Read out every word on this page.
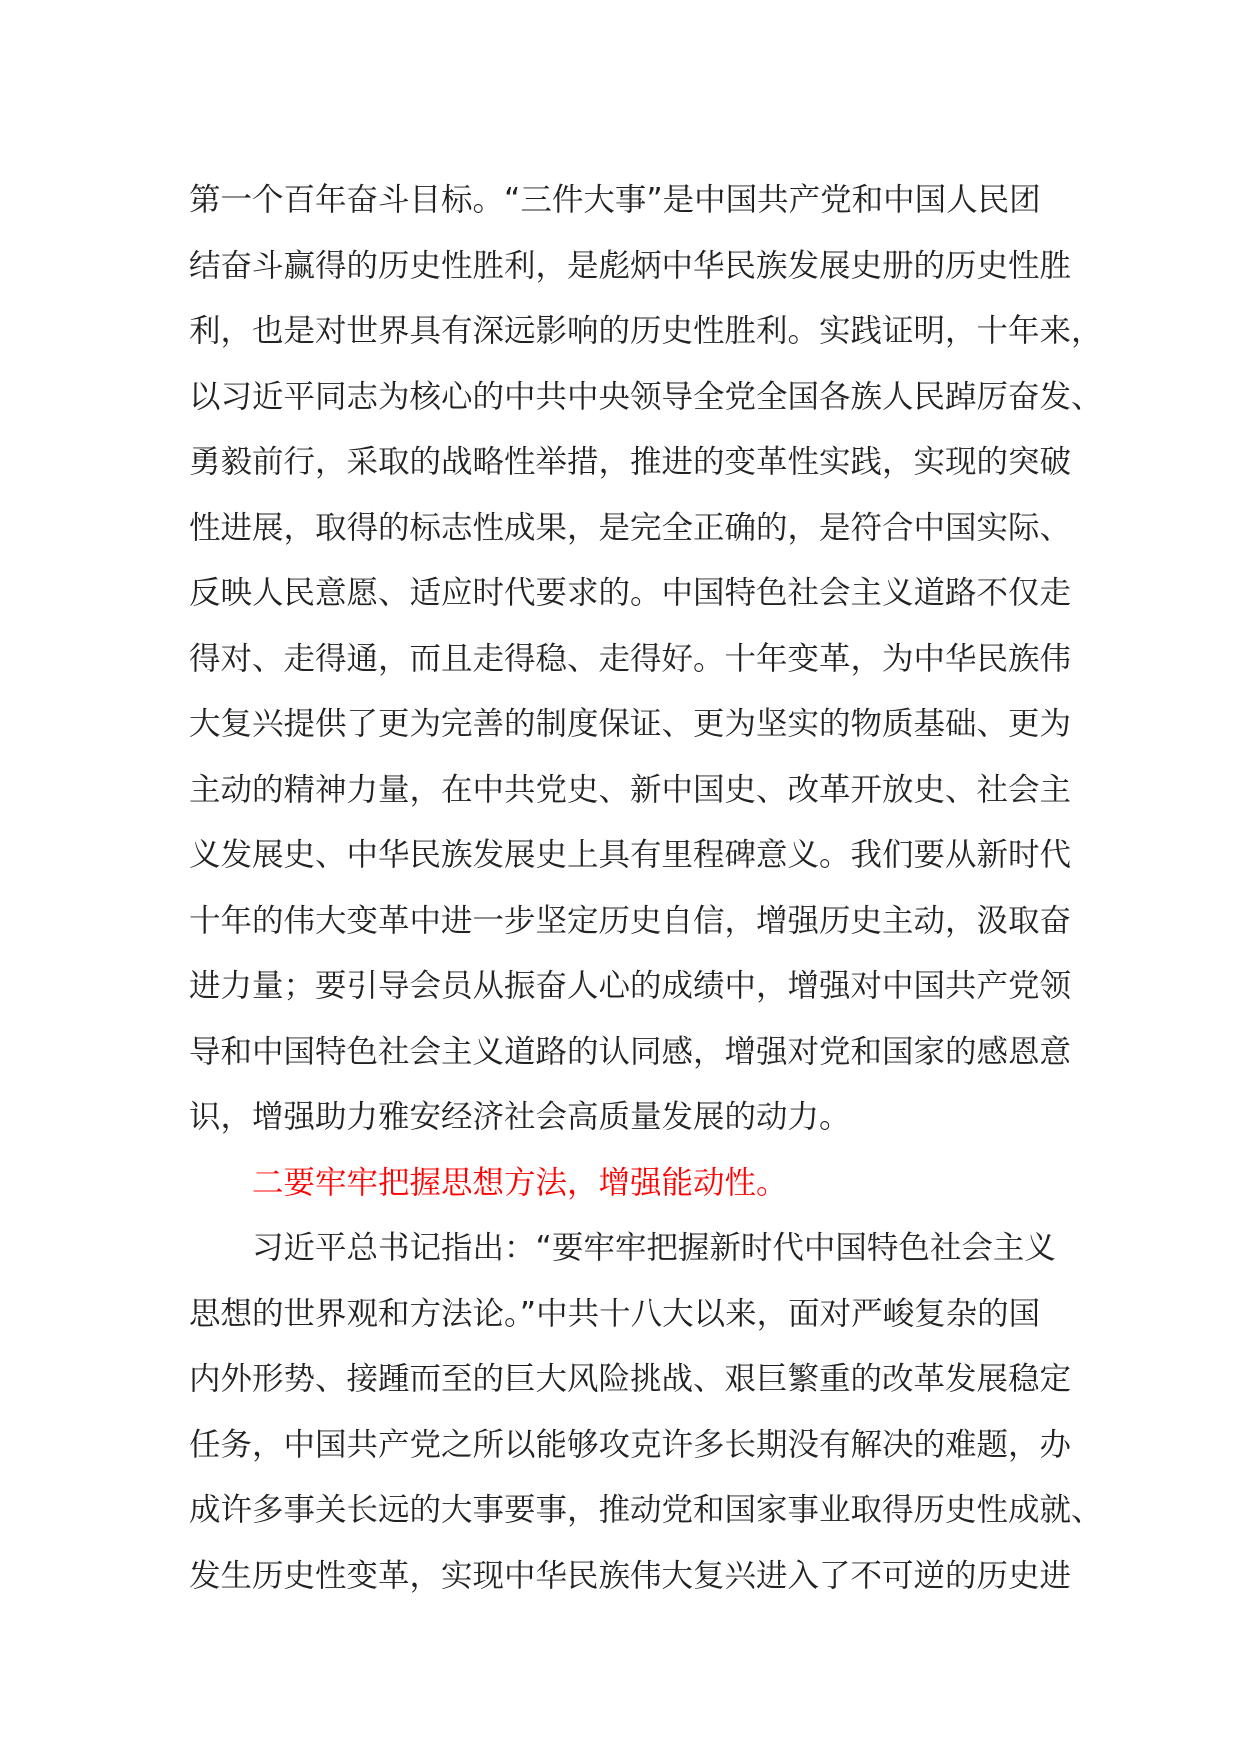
第一个百年奋斗目标。“三件大事”是中国共产党和中国人民团
结奋斗赢得的历史性胜利，是彪炳中华民族发展史册的历史性胜
利，也是对世界具有深远影响的历史性胜利。实践证明，十年来，
以习近平同志为核心的中共中央领导全党全国各族人民踔厉奋发、
勇毅前行，采取的战略性举措，推进的变革性实践，实现的突破
性进展，取得的标志性成果，是完全正确的，是符合中国实际、
反映人民意愿、适应时代要求的。中国特色社会主义道路不仅走
得对、走得通，而且走得稳、走得好。十年变革，为中华民族伟
大复兴提供了更为完善的制度保证、更为坚实的物质基础、更为
主动的精神力量，在中共党史、新中国史、改革开放史、社会主
义发展史、中华民族发展史上具有里程碑意义。我们要从新时代
十年的伟大变革中进一步坚定历史自信，增强历史主动，汲取奋
进力量；要引导会员从振奋人心的成绩中，增强对中国共产党领
导和中国特色社会主义道路的认同感，增强对党和国家的感恩意
识，增强助力雅安经济社会高质量发展的动力。
二要牢牢把握思想方法，增强能动性。
习近平总书记指出：“要牢牢把握新时代中国特色社会主义
思想的世界观和方法论。”中共十八大以来，面对严峻复杂的国
内外形势、接踵而至的巨大风险挑战、艰巨繁重的改革发展稳定
任务，中国共产党之所以能够攻克许多长期没有解决的难题，办
成许多事关长远的大事要事，推动党和国家事业取得历史性成就、
发生历史性变革，实现中华民族伟大复兴进入了不可逆的历史进
